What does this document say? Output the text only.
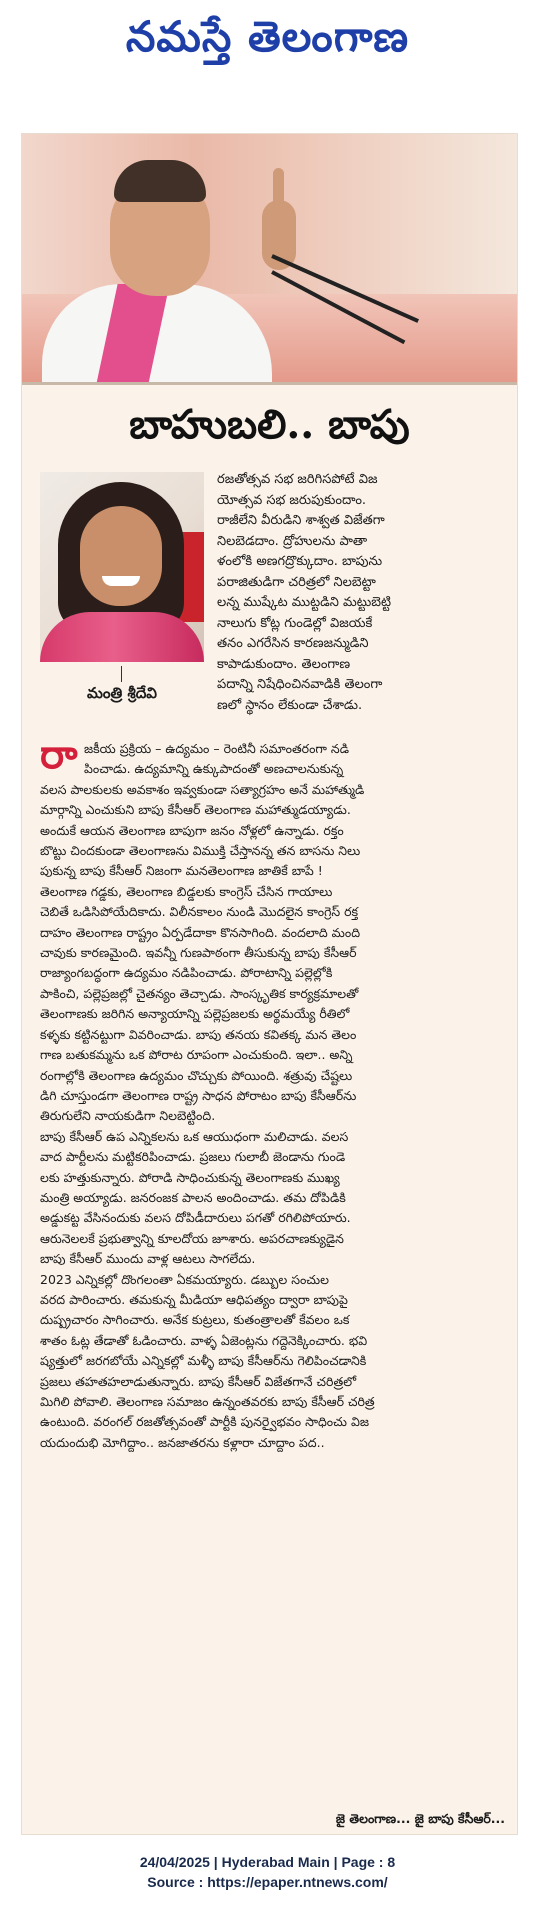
నమస్తే తెలంగాణ
బాహుబలి.. బాపు
మంత్రి శ్రీదేవి
రజతోత్సవ సభ జరిగిసపోటే విజ
యోత్సవ సభ జరుపుకుందాం.
రాజీలేని వీరుడిని శాశ్వత విజేతగా
నిలబెడదాం. ద్రోహులను పాతా
ళంలోకి అణగద్రొక్కుదాం. బాపును
పరాజితుడిగా చరిత్రలో నిలబెట్టా
లన్న ముష్కేట ముట్టడిని మట్టుబెట్టి
నాలుగు కోట్ల గుండెల్లో విజయకే
తనం ఎగరేసిన కారణజన్ముడిని
కాపాడుకుందాం. తెలంగాణ
పదాన్ని నిషేధించినవాడికి తెలంగా
ణలో స్థానం లేకుండా చేశాడు.
రా జకీయ ప్రక్రియ – ఉద్యమం – రెంటినీ సమాంతరంగా నడి
పించాడు. ఉద్యమాన్ని ఉక్కుపాదంతో అణచాలనుకున్న
వలస పాలకులకు అవకాశం ఇవ్వకుండా సత్యాగ్రహం అనే మహాత్ముడి
మార్గాన్ని ఎంచుకుని బాపు కేసీఆర్ తెలంగాణ మహాత్ముడయ్యాడు.
అందుకే ఆయన తెలంగాణ బాపుగా జనం నోళ్లలో ఉన్నాడు. రక్తం
బొట్టు చిందకుండా తెలంగాణను విముక్తి చేస్తానన్న తన బాసను నిలు
పుకున్న బాపు కేసీఆర్ నిజంగా మనతెలంగాణ జాతికే బాపే !
తెలంగాణ గడ్డకు, తెలంగాణ బిడ్డలకు కాంగ్రెస్ చేసిన గాయాలు
చెబితే ఒడిసిపోయేదికాదు. విలీనకాలం నుండి మొదలైన కాంగ్రెస్ రక్త
దాహం తెలంగాణ రాష్ట్రం ఏర్పడేదాకా కొనసాగింది. వందలాది మంది
చావుకు కారణమైంది. ఇవన్నీ గుణపాఠంగా తీసుకున్న బాపు కేసీఆర్
రాజ్యాంగబద్ధంగా ఉద్యమం నడిపించాడు. పోరాటాన్ని పల్లెల్లోకి
పాకించి, పల్లెప్రజల్లో చైతన్యం తెచ్చాడు. సాంస్కృతిక కార్యక్రమాలతో
తెలంగాణకు జరిగిన అన్యాయాన్ని పల్లెప్రజలకు అర్థమయ్యే రీతిలో
కళ్ళకు కట్టినట్టుగా వివరించాడు. బాపు తనయ కవితక్క మన తెలం
గాణ బతుకమ్మను ఒక పోరాట రూపంగా ఎంచుకుంది. ఇలా.. అన్ని
రంగాల్లోకి తెలంగాణ ఉద్యమం చొచ్చుకు పోయింది. శత్రువు చేష్టలు
డిగి చూస్తుండగా తెలంగాణ రాష్ట్ర సాధన పోరాటం బాపు కేసీఆర్‌ను
తిరుగులేని నాయకుడిగా నిలబెట్టింది.
బాపు కేసీఆర్ ఉప ఎన్నికలను ఒక ఆయుధంగా మలిచాడు. వలస
వాద పార్టీలను మట్టికరిపించాడు. ప్రజలు గులాబీ జెండాను గుండె
లకు హత్తుకున్నారు. పోరాడి సాధించుకున్న తెలంగాణకు ముఖ్య
మంత్రి అయ్యాడు. జనరంజక పాలన అందించాడు. తమ దోపిడికి
అడ్డుకట్ట వేసినందుకు వలస దోపిడీదారులు పగతో రగిలిపోయారు.
ఆరునెలలకే ప్రభుత్వాన్ని కూలదోయ జూశారు. అపరచాణక్యుడైన
బాపు కేసీఆర్ ముందు వాళ్ల ఆటలు సాగలేదు.
2023 ఎన్నికల్లో దొంగలంతా ఏకమయ్యారు. డబ్బుల సంచుల
వరద పారించారు. తమకున్న మీడియా ఆధిపత్యం ద్వారా బాపుపై
దుష్ప్రచారం సాగించారు. అనేక కుట్రలు, కుతంత్రాలతో కేవలం ఒక
శాతం ఓట్ల తేడాతో ఓడించారు. వాళ్ళ ఏజెంట్లను గద్దెనెక్కించారు. భవి
ష్యత్తులో జరగబోయే ఎన్నికల్లో మళ్ళీ బాపు కేసీఆర్‌ను గెలిపించడానికి
ప్రజలు తహతహలాడుతున్నారు. బాపు కేసీఆర్ విజేతగానే చరిత్రలో
మిగిలి పోవాలి. తెలంగాణ సమాజం ఉన్నంతవరకు బాపు కేసీఆర్ చరిత్ర
ఉంటుంది. వరంగల్ రజతోత్సవంతో పార్టీకి పునర్వైభవం సాధించు విజ
యదుందుభి మోగిద్దాం.. జనజాతరను కళ్లారా చూద్దాం పద..
జై తెలంగాణ... జై బాపు కేసీఆర్...
24/04/2025 | Hyderabad Main | Page : 8
Source : https://epaper.ntnews.com/
